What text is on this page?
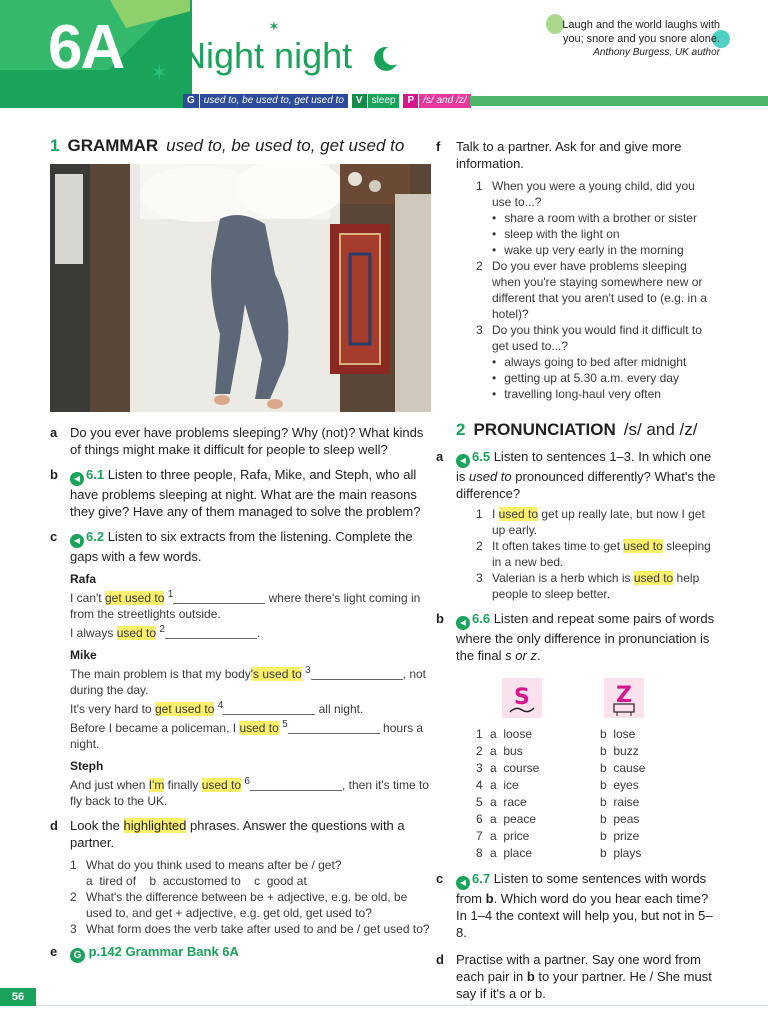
6A Night night
✶
✶
Laugh and the world laughs with you; snore and you snore alone.
Anthony Burgess, UK author
G used to, be used to, get used to	V sleep	P /s/ and /z/
1 GRAMMAR used to, be used to, get used to
a Do you ever have problems sleeping? Why (not)? What kinds of things might make it difficult for people to sleep well?
b	◀ 6.1 Listen to three people, Rafa, Mike, and Steph, who all have problems sleeping at night. What are the main reasons they give? Have any of them managed to solve the problem?
c	◀ 6.2 Listen to six extracts from the listening. Complete the gaps with a few words.
Rafa
I can't get used to $^1$	where there's light coming in from the streetlights outside.
I always used to $^2$	.
Mike
The main problem is that my body's used to $^3$	, not during the day.
It's very hard to get used to $^4$	all night.
Before I became a policeman, I used to $^5$	hours a night.
Steph
And just when I'm finally used to $^6$	, then it's time to fly back to the UK.
d Look the highlighted phrases. Answer the questions with a partner.
1 What do you think used to means after be / get?
a  tired of    b  accustomed to    c  good at
2 What's the difference between be + adjective, e.g. be old, be used to, and get + adjective, e.g. get old, get used to?
3 What form does the verb take after used to and be / get used to?
e	G p.142 Grammar Bank 6A
f	Talk to a partner. Ask for and give more information.
1 When you were a young child, did you use to...?
• share a room with a brother or sister
• sleep with the light on
• wake up very early in the morning
2 Do you ever have problems sleeping when you're staying somewhere new or different that you aren't used to (e.g. in a hotel)?
3 Do you think you would find it difficult to get used to...?
• always going to bed after midnight
• getting up at 5.30 a.m. every day
• travelling long-haul very often
2 PRONUNCIATION /s/ and /z/
a	◀ 6.5 Listen to sentences 1–3. In which one is used to pronounced differently? What's the difference?
1 I used to get up really late, but now I get up early.
2 It often takes time to get used to sleeping in a new bed.
3 Valerian is a herb which is used to help people to sleep better.
b	◀ 6.6 Listen and repeat some pairs of words where the only difference in pronunciation is the final s or z.
S	Z
1 a  loose	b  lose
2 a  bus	b  buzz
3 a  course	b  cause
4 a  ice	b  eyes
5 a  race	b  raise
6 a  peace	b  peas
7 a  price	b  prize
8 a  place	b  plays
c	◀ 6.7 Listen to some sentences with words from b. Which word do you hear each time? In 1–4 the context will help you, but not in 5–8.
d Practise with a partner. Say one word from each pair in b to your partner. He / She must say if it's a or b.
56
